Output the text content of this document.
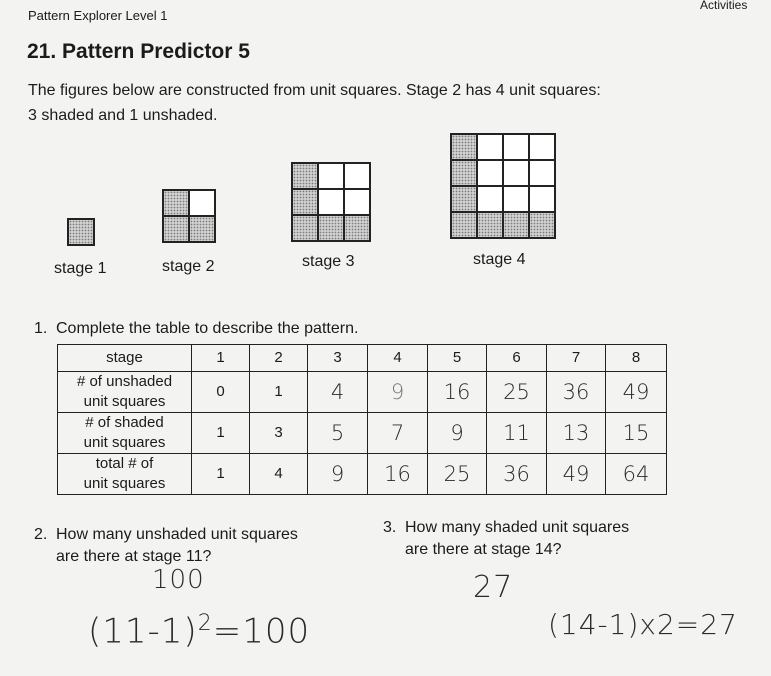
Pattern Explorer Level 1
Activities
21. Pattern Predictor 5
The figures below are constructed from unit squares. Stage 2 has 4 unit squares:
3 shaded and 1 unshaded.
stage 1	stage 2	stage 3	stage 4
1. Complete the table to describe the pattern.
stage	1	2	3	4	5	6	7	8

# of unshaded
unit squares	0	1	4	9	16	25	36	49

# of shaded
unit squares	1	3	5	7	9	11	13	15

total # of
unit squares	1	4	9	16	25	36	49	64
2. How many unshaded unit squares
are there at stage 11?
100
$(11-1)^2=100$
3. How many shaded unit squares
are there at stage 14?
27
(14-1)x2=27
